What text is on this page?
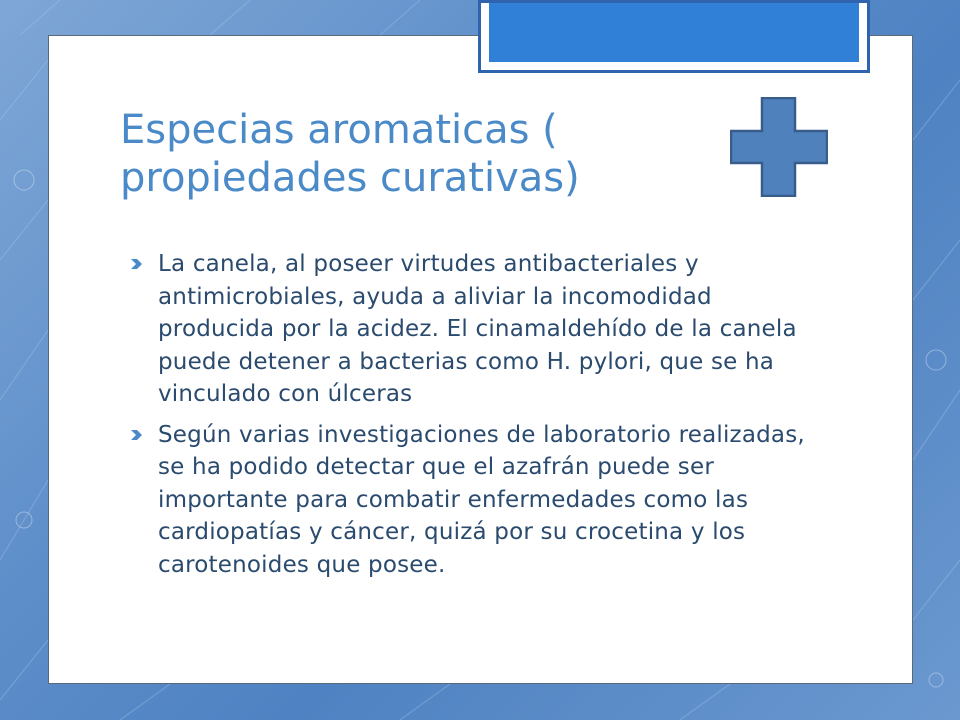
Especias aromaticas ( propiedades curativas)
La canela, al poseer virtudes antibacteriales y antimicrobiales, ayuda a aliviar la incomodidad producida por la acidez. El cinamaldehído de la canela puede detener a bacterias como H. pylori, que se ha vinculado con úlceras
Según varias investigaciones de laboratorio realizadas, se ha podido detectar que el azafrán puede ser importante para combatir enfermedades como las cardiopatías y cáncer, quizá por su crocetina y los carotenoides que posee.
